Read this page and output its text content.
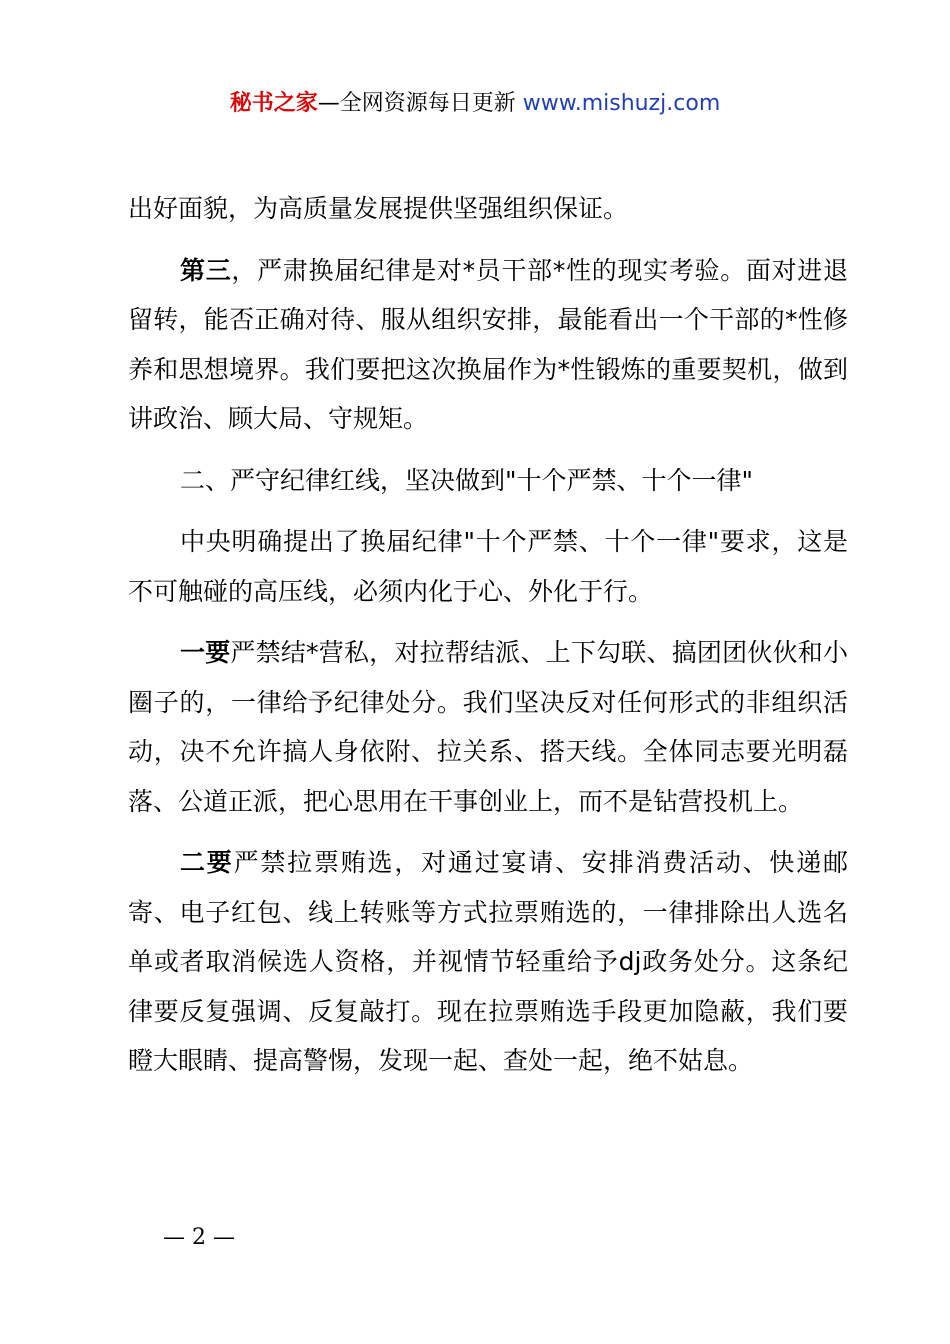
秘书之家—全网资源每日更新 www.mishuzj.com

出好面貌，为高质量发展提供坚强组织保证。

第三，严肃换届纪律是对*员干部*性的现实考验。面对进退留转，能否正确对待、服从组织安排，最能看出一个干部的*性修养和思想境界。我们要把这次换届作为*性锻炼的重要契机，做到讲政治、顾大局、守规矩。

二、严守纪律红线，坚决做到"十个严禁、十个一律"

中央明确提出了换届纪律"十个严禁、十个一律"要求，这是不可触碰的高压线，必须内化于心、外化于行。

一要严禁结*营私，对拉帮结派、上下勾联、搞团团伙伙和小圈子的，一律给予纪律处分。我们坚决反对任何形式的非组织活动，决不允许搞人身依附、拉关系、搭天线。全体同志要光明磊落、公道正派，把心思用在干事创业上，而不是钻营投机上。

二要严禁拉票贿选，对通过宴请、安排消费活动、快递邮寄、电子红包、线上转账等方式拉票贿选的，一律排除出人选名单或者取消候选人资格，并视情节轻重给予dj政务处分。这条纪律要反复强调、反复敲打。现在拉票贿选手段更加隐蔽，我们要瞪大眼睛、提高警惕，发现一起、查处一起，绝不姑息。

— 2 —
